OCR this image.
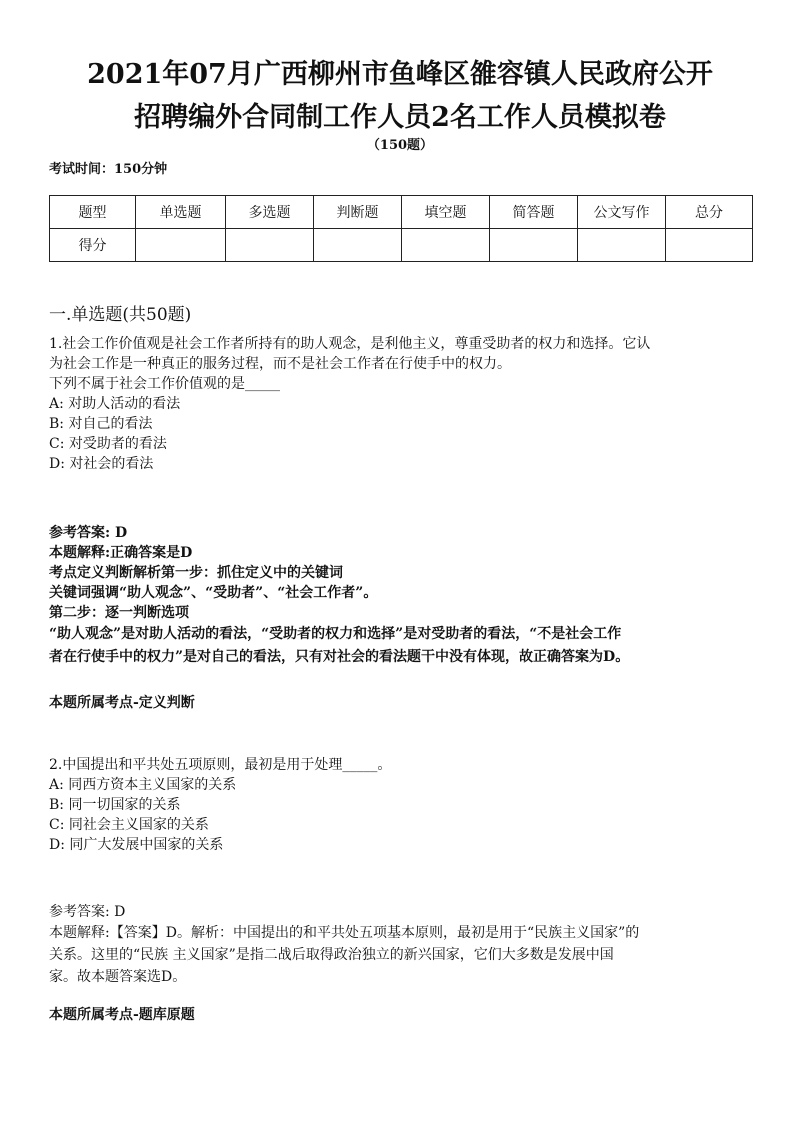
2021年07月广西柳州市鱼峰区雒容镇人民政府公开
招聘编外合同制工作人员2名工作人员模拟卷
（150题）
考试时间：150分钟
题型	单选题	多选题	判断题	填空题	简答题	公文写作	总分
得分							
一.单选题(共50题)
1.社会工作价值观是社会工作者所持有的助人观念，是利他主义，尊重受助者的权力和选择。它认
为社会工作是一种真正的服务过程，而不是社会工作者在行使手中的权力。
下列不属于社会工作价值观的是_____
A: 对助人活动的看法
B: 对自己的看法
C: 对受助者的看法
D: 对社会的看法
参考答案: D
本题解释:正确答案是D
考点定义判断解析第一步：抓住定义中的关键词
关键词强调“助人观念”、“受助者”、“社会工作者”。
第二步：逐一判断选项
“助人观念”是对助人活动的看法，“受助者的权力和选择”是对受助者的看法，“不是社会工作
者在行使手中的权力”是对自己的看法，只有对社会的看法题干中没有体现，故正确答案为D。
本题所属考点-定义判断
2.中国提出和平共处五项原则，最初是用于处理_____。
A: 同西方资本主义国家的关系
B: 同一切国家的关系
C: 同社会主义国家的关系
D: 同广大发展中国家的关系
参考答案: D
本题解释:【答案】D。解析：中国提出的和平共处五项基本原则，最初是用于“民族主义国家”的
关系。这里的“民族 主义国家”是指二战后取得政治独立的新兴国家，它们大多数是发展中国
家。故本题答案选D。
本题所属考点-题库原题
